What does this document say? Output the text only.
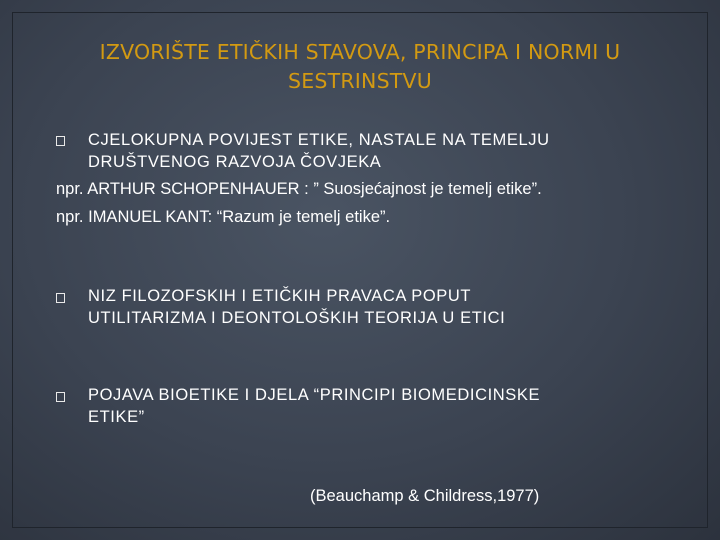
IZVORIŠTE ETIČKIH STAVOVA, PRINCIPA I NORMI U
SESTRINSTVU
CJELOKUPNA POVIJEST ETIKE, NASTALE NA TEMELJU
DRUŠTVENOG RAZVOJA ČOVJEKA
npr. ARTHUR SCHOPENHAUER : ” Suosjećajnost je temelj etike”.
npr. IMANUEL KANT: “Razum je temelj etike”.
NIZ FILOZOFSKIH I ETIČKIH PRAVACA POPUT
UTILITARIZMA I DEONTOLOŠKIH TEORIJA U ETICI
POJAVA BIOETIKE I DJELA “PRINCIPI BIOMEDICINSKE
ETIKE”
(Beauchamp & Childress,1977)
